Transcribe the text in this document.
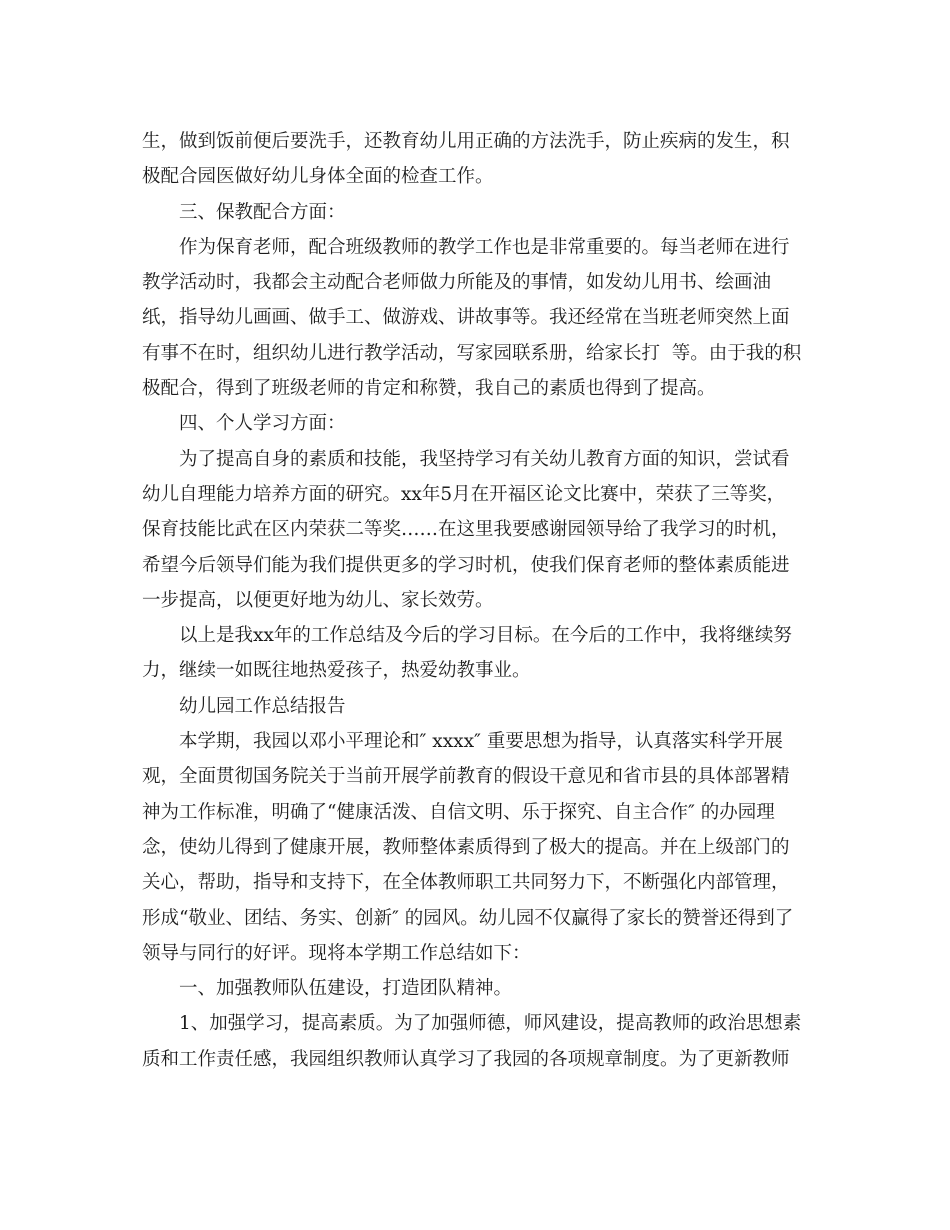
生，做到饭前便后要洗手，还教育幼儿用正确的方法洗手，防止疾病的发生，积
极配合园医做好幼儿身体全面的检查工作。
三、保教配合方面：
作为保育老师，配合班级教师的教学工作也是非常重要的。每当老师在进行
教学活动时，我都会主动配合老师做力所能及的事情，如发幼儿用书、绘画油
纸，指导幼儿画画、做手工、做游戏、讲故事等。我还经常在当班老师突然上面
有事不在时，组织幼儿进行教学活动，写家园联系册，给家长打  等。由于我的积
极配合，得到了班级老师的肯定和称赞，我自己的素质也得到了提高。
四、个人学习方面：
为了提高自身的素质和技能，我坚持学习有关幼儿教育方面的知识，尝试看
幼儿自理能力培养方面的研究。xx年5月在开福区论文比赛中，荣获了三等奖，
保育技能比武在区内荣获二等奖……在这里我要感谢园领导给了我学习的时机，
希望今后领导们能为我们提供更多的学习时机，使我们保育老师的整体素质能进
一步提高，以便更好地为幼儿、家长效劳。
以上是我xx年的工作总结及今后的学习目标。在今后的工作中，我将继续努
力，继续一如既往地热爱孩子，热爱幼教事业。
幼儿园工作总结报告
本学期，我园以邓小平理论和″ xxxx″ 重要思想为指导，认真落实科学开展
观，全面贯彻国务院关于当前开展学前教育的假设干意见和省市县的具体部署精
神为工作标准，明确了“健康活泼、自信文明、乐于探究、自主合作″ 的办园理
念，使幼儿得到了健康开展，教师整体素质得到了极大的提高。并在上级部门的
关心，帮助，指导和支持下，在全体教师职工共同努力下，不断强化内部管理，
形成“敬业、团结、务实、创新″ 的园风。幼儿园不仅赢得了家长的赞誉还得到了
领导与同行的好评。现将本学期工作总结如下：
一、加强教师队伍建设，打造团队精神。
1、加强学习，提高素质。为了加强师德，师风建设，提高教师的政治思想素
质和工作责任感，我园组织教师认真学习了我园的各项规章制度。为了更新教师
